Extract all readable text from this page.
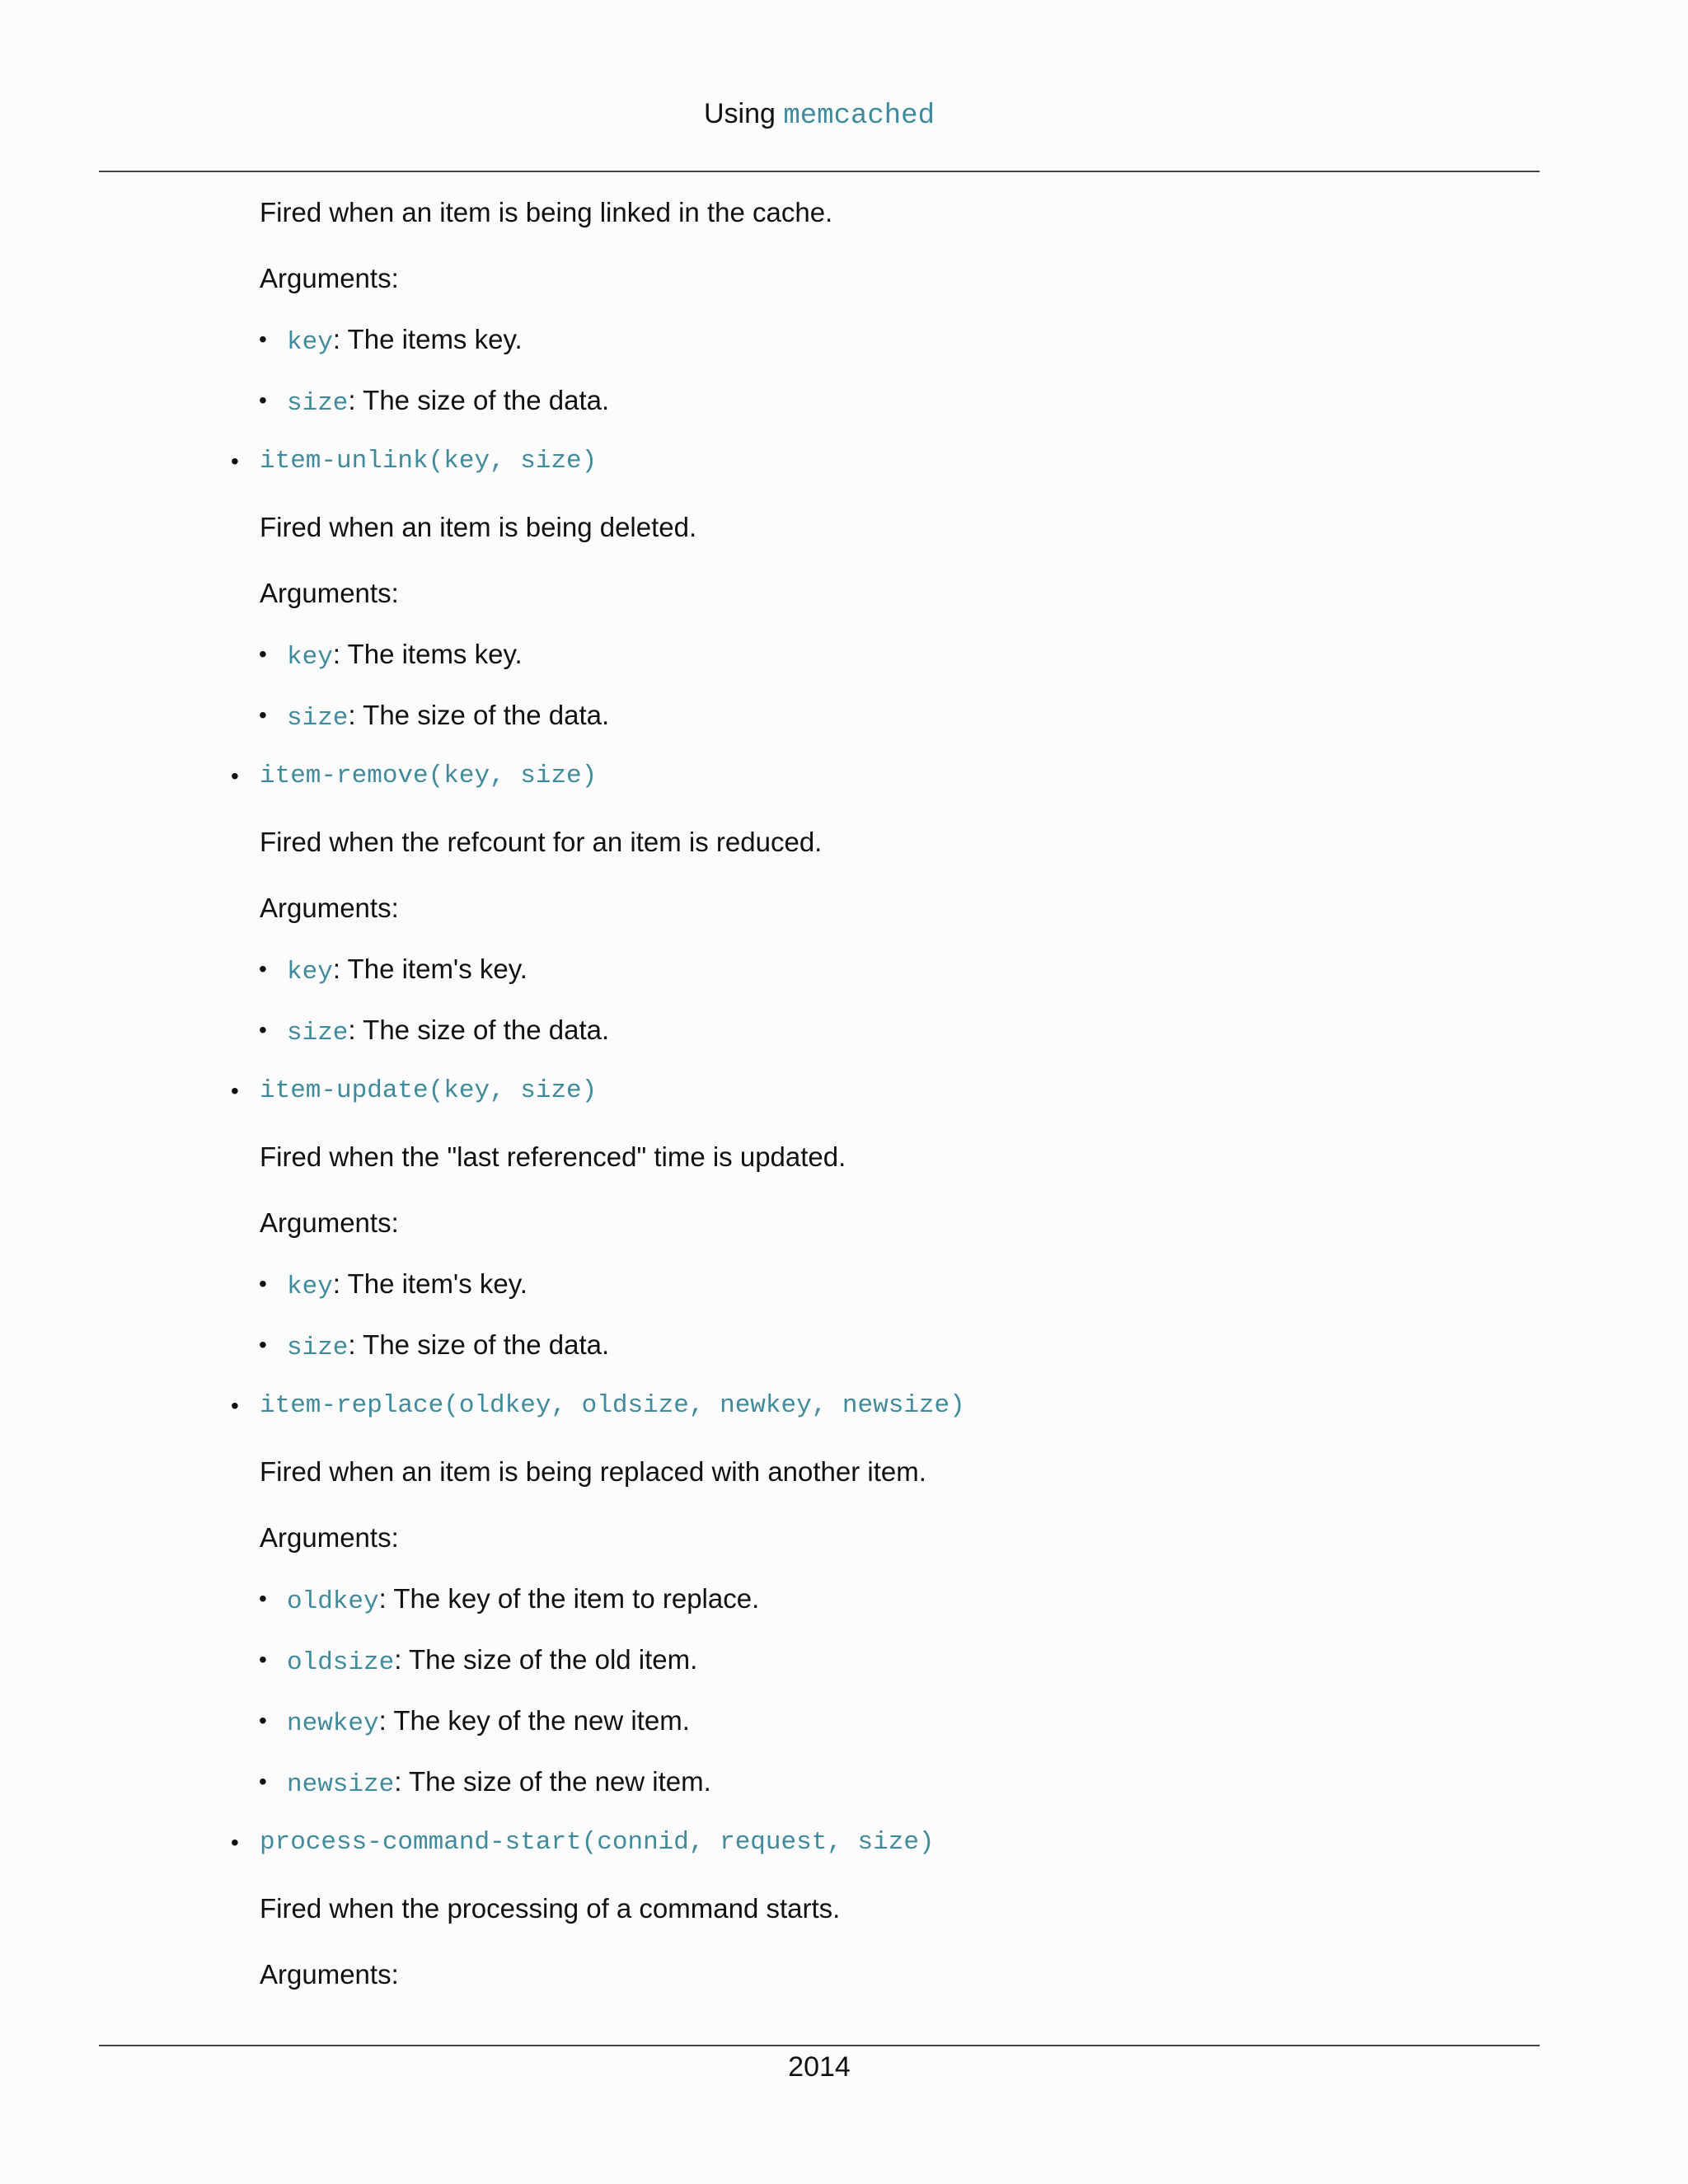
Using memcached
Fired when an item is being linked in the cache.
Arguments:
• key: The items key.
• size: The size of the data.
• item-unlink(key, size)
Fired when an item is being deleted.
Arguments:
• key: The items key.
• size: The size of the data.
• item-remove(key, size)
Fired when the refcount for an item is reduced.
Arguments:
• key: The item's key.
• size: The size of the data.
• item-update(key, size)
Fired when the "last referenced" time is updated.
Arguments:
• key: The item's key.
• size: The size of the data.
• item-replace(oldkey, oldsize, newkey, newsize)
Fired when an item is being replaced with another item.
Arguments:
• oldkey: The key of the item to replace.
• oldsize: The size of the old item.
• newkey: The key of the new item.
• newsize: The size of the new item.
• process-command-start(connid, request, size)
Fired when the processing of a command starts.
Arguments:
2014
